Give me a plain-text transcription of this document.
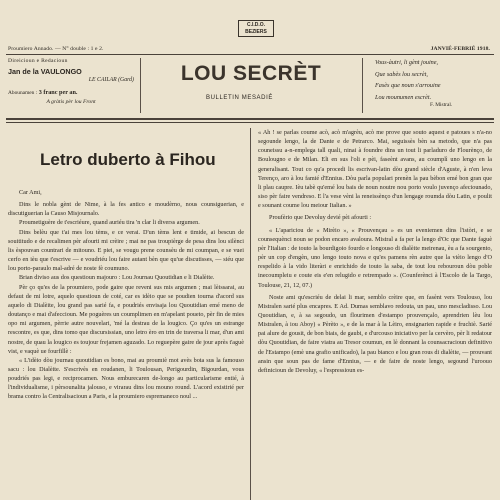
C.I.D.O.
BEZIERS
Proumiero Annado. — N° double : 1 e 2.	JANVIÉ-FEBRIÉ 1918.
Direicioun e Redacioun
Jan de la VAULONGO
LE CAILAR (Gard)
Abounamen : 3 franc per an.
A gràtis pèr lou Front
LOU SECRÈT
BULLETIN MESADIÉ
Vous-àutri, li gènt jouine,
Que sabès lou secrèt,
Fasès que noun s'arrouine
Lou mounumen escrèt.
F. Mistral.
Letro duberto à Fihou

Car Ami,

Dins le nobla gènt de Nime, à la fes antico e moudèrno, nous counsiguerian, e discutiguerian la Causo Misjournalo.

Proumetiguère de t'escriéure, quand auriéu tira 'n clar li diverss argumen.

Dins belèu que t'ai mes lou tèms, e ce verai. D'un tèms lent e timide, ai bescun de souititudo e de recalimen pèr afourti mi crèire ; mai ne pas troupièrge de pesa dins lou silènci lis èspouvan countrari de mitouno. E piei, se vougu prene counsèu de mi coumpan, e se vuei cerfo en ièu que t'escrive — e voudriéu lou faire autant bèn que qu'ue discutisses, — siéu que lou porto-paraulo mal-adré de noste fè coumuno.

Brian diviso aus dos questioun majouro : Lou Journau Quoutidian e li Dialèite.

Pèr ço qu'es de la proumiero, pode gaire que reveni sus mis argumen ; mai lèissarai, au defaut de mi lotre, aquelo questioun de coté, car es idèio que se poudien tourna d'acord sus aquelo di Dialèite, lou grand pas sarié fa, e poudriés envisaja lou Quoutidian emé meno de doutanço e mai d'afeccioun. Me poguères un coumplimen en m'apelant poueto, pèr fin de mies opo mi argumen, pèrrie autre nouvelari, 'mé la destrau de la lougico. Ço qu'es un estrange rescontre, es que, dins tomo que discursissian, uno letro èro en trin de traversa li mar, d'un ami nostre, de quau la lougico es toujour frejamen aguzado. Lo reguepère gaire de jour après t'aguè vist, e vaquè ue fourfillè :

« L'idèio dòu journau quoutidian es bono, mai au proumiè mot avès bota sus la famouso sacu : lou Dialèite. S'escrivès en roudanen, li Toulousan, Perigourdin, Bigourdan, vous poudriés pas legi, e reciprocamen. Nous emburecaren de-longo au particularisme entié, à l'individualisme, i pèrsounalita jalouso, e virarau dins lou mouno round. L'acord existirié per brama contro la Centralisacioun a Paris, e la proumiero espremaneco noul ...

« Ah ! se parlas coume acò, acò m'agrèu, acò me prove que souto aquest e patoues s n'a-no segounde lengo, la de Dante e de Petrarco. Mai, seguissès bèn sa metodo, que n'a pas couneissu a-n-emplega tall quali, ninai à foundre dins un tout li parladuro de Flourènço, de Boulougno e de Milan. Eli en sus l'oli e pèi, faseènt avans, au coumplì uno lengo en la generalisant. Tout co qu'a procedi lis escrivan-latin dòu grand siècle d'Aguste, à n'en leva Terenço, aro à lou famié d'Ennius. Dòu parla populari prenèn la pau bèbon emé bon gran que li plau caupre. Ièu tabè qu'emé lou bais de noun noutre nou porto voulo juvenço afeciounado, siso pèr faire vendreso. E l'a vese vèni la reneissènço d'un lengage roumda dòu Latin, e poulit e sounant coume lou meiour Italian. »

Proufèrio que Devoluy devié pèi afourti :

« L'apariciou de « Mirèio », « Prouvençau » es un eveniemen dins l'istòri, e se counsequènci noun se podon encaro avaloura. Mistral a fa per la lengo d'Oc que Dante faguè pèr l'Italian : de touto la bourdigoio fourdo e longouso di dialèite meirenau, èu a fa sourgento, pèr un cop d'engèn, uno lengo touto nova e qu'es pamens rèn autre que la vièio lengo d'O respelido à la vido literàri e enrichido de touto la saba, de tout lou rebouroun dòu poble inecoumpleiu e coute eis e'en relugido e retrempado ». (Counferènci à l'Escolo de la Targo, Toulouse, 21, 12, 07.)

Noste ami qu'escriéu de delai li mar, semblo crèire que, en fasènt vers Toulouso, lou Mistralen sarié plus encapres. E Ad. Dumas semblavo redouta, un pau, uno mescladisso. Lou Quoutidian, e, à sa segoudo, un flourimen d'estampo prouvençalo, aprendrien lèu lou Mistralen, à iou Aboy) « Pèrèto », e de la mar à la Lèiro, ensignarien rapide e fruchiè. Sarié pai alure de gousit, de bon biais, de gaubi, e d'urcouso iniciativo per la cervèro, pèr li redatour dòu Quoutidian, de faire viatra au Tresor coumun, en lè donnant la counsacracioun definitivo de l'Estampo (emè una grafio unificado), la pau bianco e lou gran rous di dialèite, — prouvant ansin que soun pas de fame d'Ennius, — e de faire de noste lengo, segound l'uroouo definicioun de Devoluy, « l'espressioun es-
